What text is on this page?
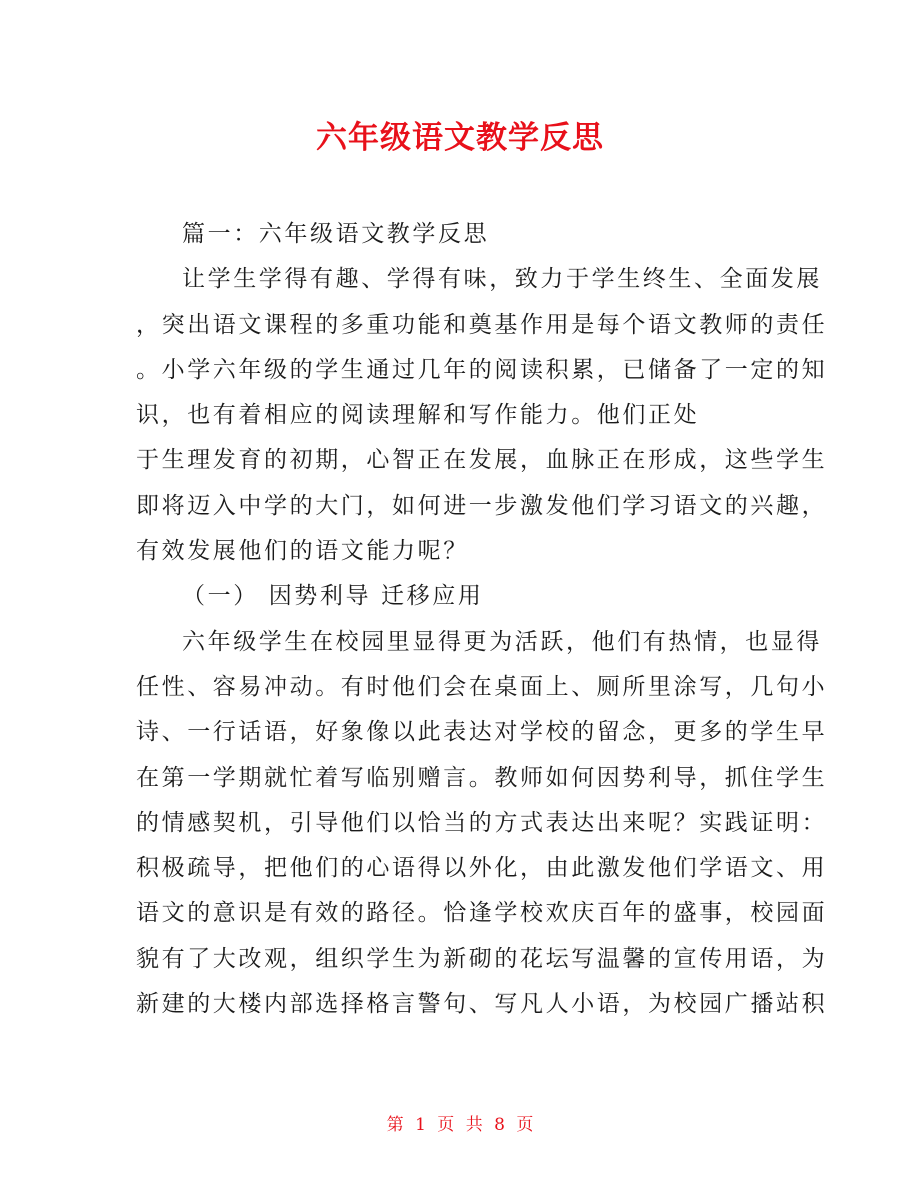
六年级语文教学反思
篇一：六年级语文教学反思
让学生学得有趣、学得有味，致力于学生终生、全面发展
，突出语文课程的多重功能和奠基作用是每个语文教师的责任
。小学六年级的学生通过几年的阅读积累，已储备了一定的知
识，也有着相应的阅读理解和写作能力。他们正处
于生理发育的初期，心智正在发展，血脉正在形成，这些学生
即将迈入中学的大门，如何进一步激发他们学习语文的兴趣，
有效发展他们的语文能力呢？
（一） 因势利导 迁移应用
六年级学生在校园里显得更为活跃，他们有热情，也显得
任性、容易冲动。有时他们会在桌面上、厕所里涂写，几句小
诗、一行话语，好象像以此表达对学校的留念，更多的学生早
在第一学期就忙着写临别赠言。教师如何因势利导，抓住学生
的情感契机，引导他们以恰当的方式表达出来呢？实践证明：
积极疏导，把他们的心语得以外化，由此激发他们学语文、用
语文的意识是有效的路径。恰逢学校欢庆百年的盛事，校园面
貌有了大改观，组织学生为新砌的花坛写温馨的宣传用语，为
新建的大楼内部选择格言警句、写凡人小语，为校园广播站积
第 1 页 共 8 页
